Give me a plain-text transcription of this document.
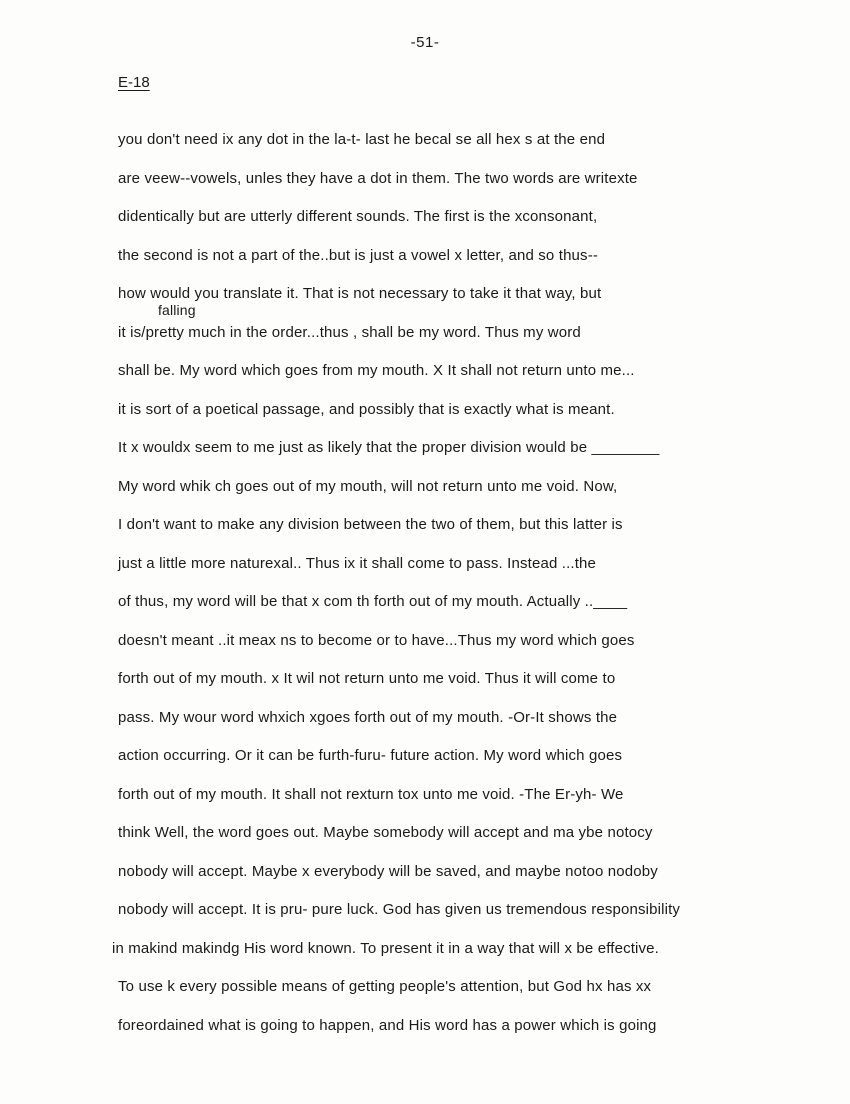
-51-
E-18
falling
you don't need ix any dot in the la-t- last he becal se all hex s at the end
are veew--vowels, unles they have a dot in them. The two words are writexte
didentically but are utterly different sounds. The first is the xconsonant,
the second is not a part of the..but is just a vowel x letter, and so thus--
how would you translate it. That is not necessary to take it that way, but
it is/pretty much in the order...thus , shall be my word. Thus my word
shall be. My word which goes from my mouth. X It shall not return unto me...
it is sort of a poetical passage, and possibly that is exactly what is meant.
It x wouldx seem to me just as likely that the proper division would be ________
My word whik ch goes out of my mouth, will not return unto me void. Now,
I don't want to make any division between the two of them, but this latter is
just a little more naturexal.. Thus ix it shall come to pass. Instead ...the
of thus, my word will be that x com th forth out of my mouth. Actually ..____
doesn't meant ..it meax ns to become or to have...Thus my word which goes
forth out of my mouth. x It wil not return unto me void. Thus it will come to
pass. My wour word whxich xgoes forth out of my mouth. -Or-It shows the
action occurring. Or it can be furth-furu- future action. My word which goes
forth out of my mouth. It shall not rexturn tox unto me void. -The Er-yh- We
think Well, the word goes out. Maybe somebody will accept and ma ybe notocy
nobody will accept. Maybe x everybody will be saved, and maybe notoo nodoby
nobody will accept. It is pru- pure luck. God has given us tremendous responsibility
in makind makindg His word known. To present it in a way that will x be effective.
To use k every possible means of getting people's attention, but God hx has xx
foreordained what is going to happen, and His word has a power which is going
